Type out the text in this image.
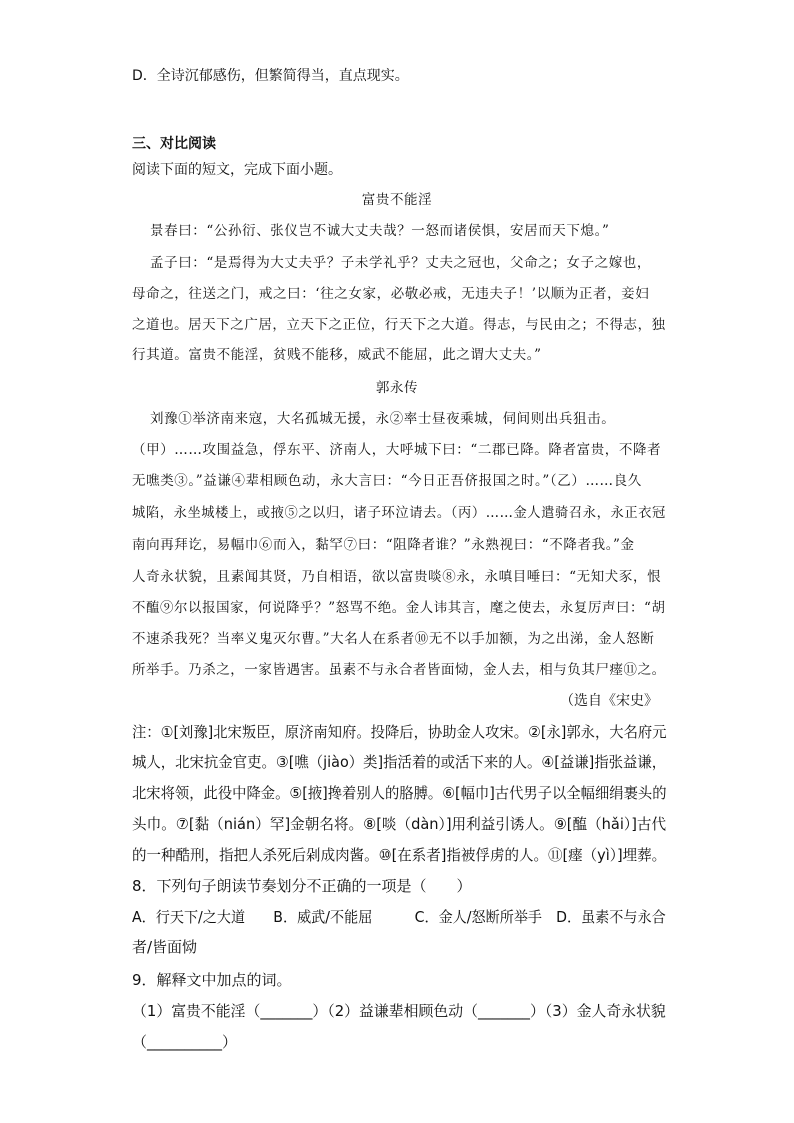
D．全诗沉郁感伤，但繁简得当，直点现实。
三、对比阅读
阅读下面的短文，完成下面小题。
富贵不能淫
景春曰：“公孙衍、张仪岂不诚大丈夫哉？一怒而诸侯惧，安居而天下熄。”
孟子曰：“是焉得为大丈夫乎？子未学礼乎？丈夫之冠也，父命之；女子之嫁也，
母命之，往送之门，戒之曰：‘往之女家，必敬必戒，无违夫子！’以顺为正者，妾妇
之道也。居天下之广居，立天下之正位，行天下之大道。得志，与民由之；不得志，独
行其道。富贵不能淫，贫贱不能移，威武不能屈，此之谓大丈夫。”
郭永传
刘豫①举济南来寇，大名孤城无援，永②率士昼夜乘城，伺间则出兵狙击。
（甲）……攻围益急，俘东平、济南人，大呼城下曰：“二郡已降。降者富贵，不降者
无噍类③。”益谦④辈相顾色动，永大言曰：“今日正吾侪报国之时。”（乙）……良久
城陷，永坐城楼上，或掖⑤之以归，诸子环泣请去。（丙）……金人遣骑召永，永正衣冠
南向再拜讫，易幅巾⑥而入，黏罕⑦曰：“阻降者谁？”永熟视曰：“不降者我。”金
人奇永状貌，且素闻其贤，乃自相语，欲以富贵啖⑧永，永嗔目唾曰：“无知犬豕，恨
不醢⑨尔以报国家，何说降乎？”怒骂不绝。金人讳其言，麾之使去，永复厉声曰：“胡
不速杀我死？当率义鬼灭尔曹。”大名人在系者⑩无不以手加额，为之出涕，金人怒断
所举手。乃杀之，一家皆遇害。虽素不与永合者皆面恸，金人去，相与负其尸瘗⑪之。
（选自《宋史》
注：①[刘豫]北宋叛臣，原济南知府。投降后，协助金人攻宋。②[永]郭永，大名府元
城人，北宋抗金官吏。③[噍（jiào）类]指活着的或活下来的人。④[益谦]指张益谦，
北宋将领，此役中降金。⑤[掖]搀着别人的胳膊。⑥[幅巾]古代男子以全幅细绢裹头的
头巾。⑦[黏（nián）罕]金朝名将。⑧[啖（dàn）]用利益引诱人。⑨[醢（hǎi）]古代
的一种酷刑，指把人杀死后剁成肉酱。⑩[在系者]指被俘虏的人。⑪[瘗（yì）]埋葬。
8．下列句子朗读节奏划分不正确的一项是（　　）
A．行天下/之大道　　B．威武/不能屈　　　C．金人/怒断所举手　D．虽素不与永合
者/皆面恸
9．解释文中加点的词。
（1）富贵不能淫（_______）（2）益谦辈相顾色动（_______）（3）金人奇永状貌
（__________）
